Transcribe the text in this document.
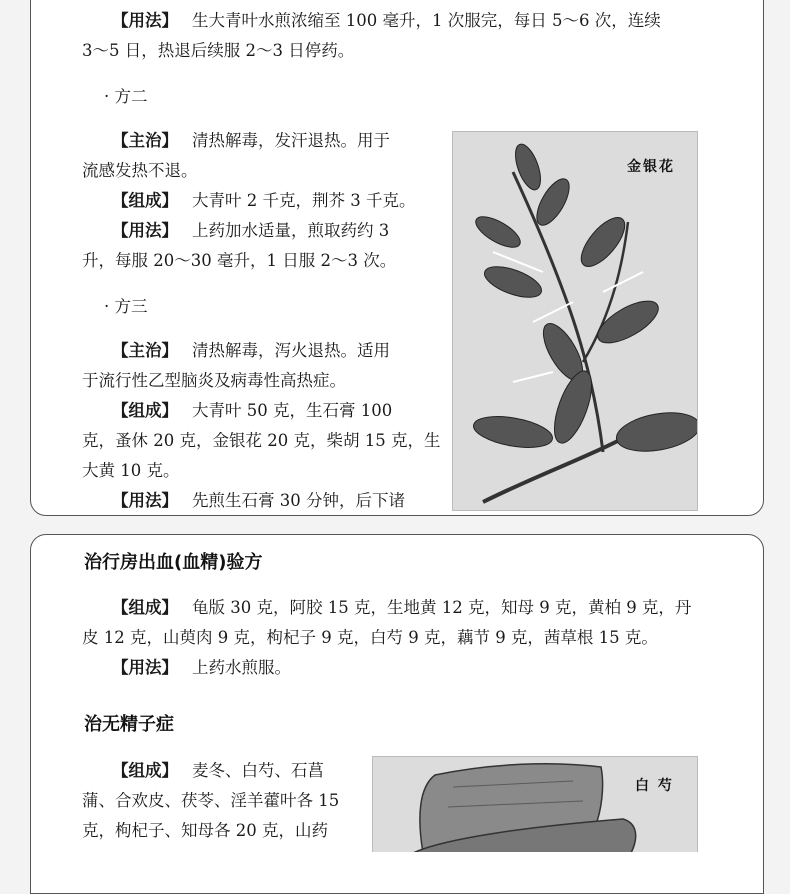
【用法】 生大青叶水煎浓缩至 100 毫升，1 次服完，每日 5～6 次，连续
3～5 日，热退后续服 2～3 日停药。
· 方二
【主治】 清热解毒，发汗退热。用于
流感发热不退。
【组成】 大青叶 2 千克，荆芥 3 千克。
【用法】 上药加水适量，煎取药约 3
升，每服 20～30 毫升，1 日服 2～3 次。
· 方三
【主治】 清热解毒，泻火退热。适用
于流行性乙型脑炎及病毒性高热症。
【组成】 大青叶 50 克，生石膏 100
克，蚤休 20 克，金银花 20 克，柴胡 15 克，生
大黄 10 克。
【用法】 先煎生石膏 30 分钟，后下诸
金银花
治行房出血(血精)验方
【组成】 龟版 30 克，阿胶 15 克，生地黄 12 克，知母 9 克，黄柏 9 克，丹
皮 12 克，山萸肉 9 克，枸杞子 9 克，白芍 9 克，藕节 9 克，茜草根 15 克。
【用法】 上药水煎服。
治无精子症
【组成】 麦冬、白芍、石菖
蒲、合欢皮、茯苓、淫羊藿叶各 15
克，枸杞子、知母各 20 克，山药
白 芍
